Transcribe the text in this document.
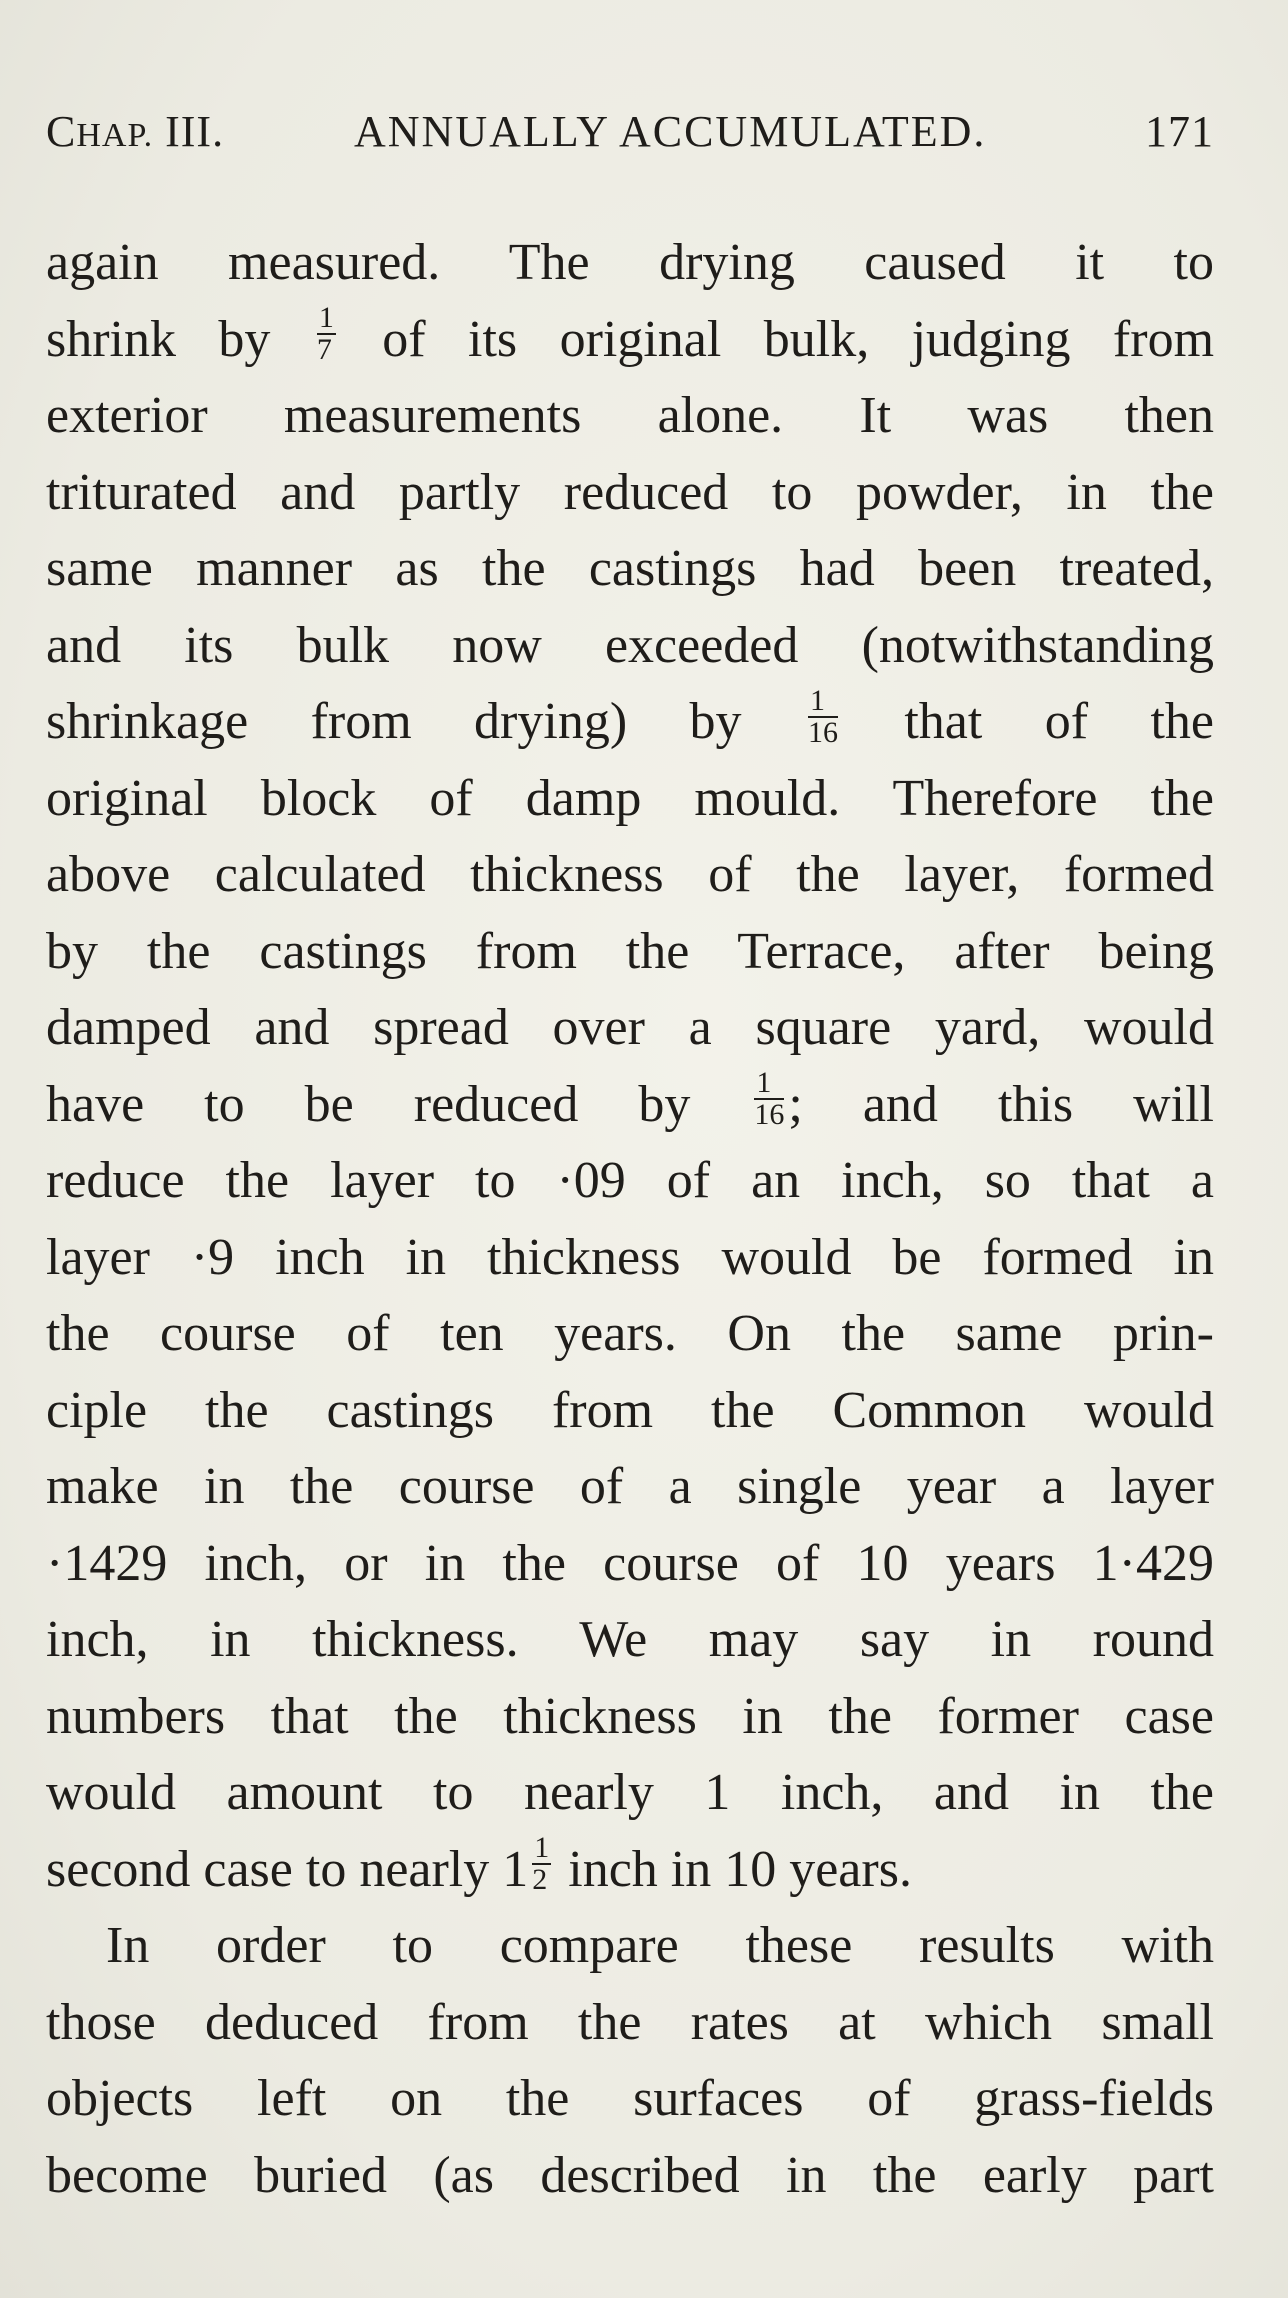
CHAP. III.	ANNUALLY ACCUMULATED.	171
again measured. The drying caused it to
shrink by $\frac{1}{7}$ of its original bulk, judging from
exterior measurements alone. It was then
triturated and partly reduced to powder, in the
same manner as the castings had been treated,
and its bulk now exceeded (notwithstanding
shrinkage from drying) by $\frac{1}{16}$ that of the
original block of damp mould. Therefore the
above calculated thickness of the layer, formed
by the castings from the Terrace, after being
damped and spread over a square yard, would
have to be reduced by $\frac{1}{16}$ ; and this will
reduce the layer to ·09 of an inch, so that a
layer ·9 inch in thickness would be formed in
the course of ten years. On the same prin-
ciple the castings from the Common would
make in the course of a single year a layer
·1429 inch, or in the course of 10 years 1·429
inch, in thickness. We may say in round
numbers that the thickness in the former case
would amount to nearly 1 inch, and in the
second case to nearly $1 \frac{1}{2}$ inch in 10 years.
In order to compare these results with
those deduced from the rates at which small
objects left on the surfaces of grass-fields
become buried (as described in the early part
